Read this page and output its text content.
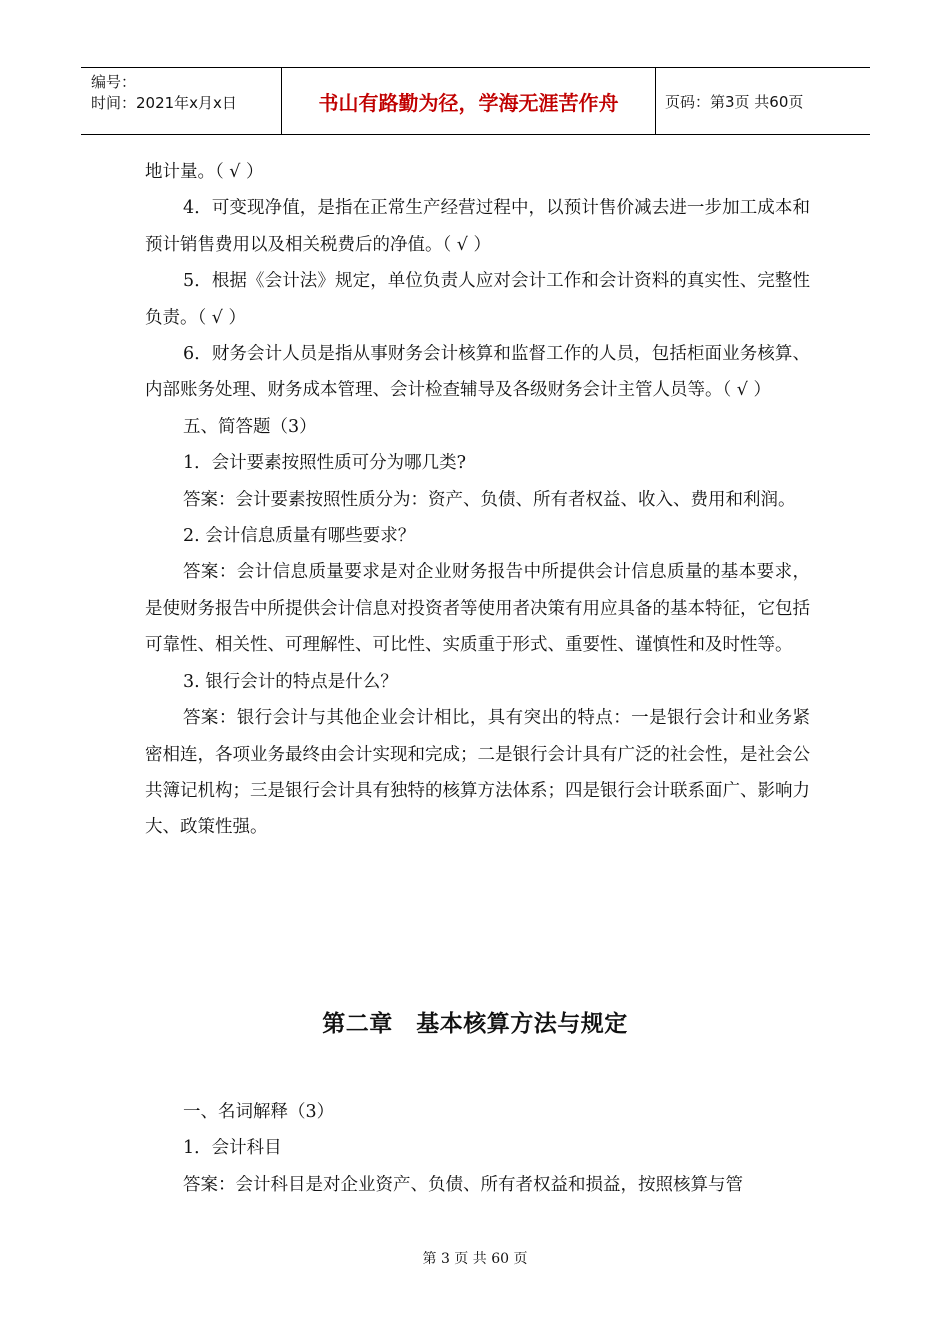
编号：
时间：2021年x月x日	书山有路勤为径，学海无涯苦作舟	页码：第3页 共60页

地计量。（ √ ）

4．可变现净值，是指在正常生产经营过程中，以预计售价减去进一步加工成本和预计销售费用以及相关税费后的净值。（ √ ）

5．根据《会计法》规定，单位负责人应对会计工作和会计资料的真实性、完整性负责。（ √ ）

6．财务会计人员是指从事财务会计核算和监督工作的人员，包括柜面业务核算、内部账务处理、财务成本管理、会计检查辅导及各级财务会计主管人员等。（ √ ）

五、简答题（3）

1．会计要素按照性质可分为哪几类?

答案：会计要素按照性质分为：资产、负债、所有者权益、收入、费用和利润。

2. 会计信息质量有哪些要求？

答案：会计信息质量要求是对企业财务报告中所提供会计信息质量的基本要求，是使财务报告中所提供会计信息对投资者等使用者决策有用应具备的基本特征，它包括可靠性、相关性、可理解性、可比性、实质重于形式、重要性、谨慎性和及时性等。

3. 银行会计的特点是什么？

答案：银行会计与其他企业会计相比，具有突出的特点：一是银行会计和业务紧密相连，各项业务最终由会计实现和完成；二是银行会计具有广泛的社会性，是社会公共簿记机构；三是银行会计具有独特的核算方法体系；四是银行会计联系面广、影响力大、政策性强。

第二章　基本核算方法与规定

一、名词解释（3）

1．会计科目

答案：会计科目是对企业资产、负债、所有者权益和损益，按照核算与管

第 3 页 共 60 页
